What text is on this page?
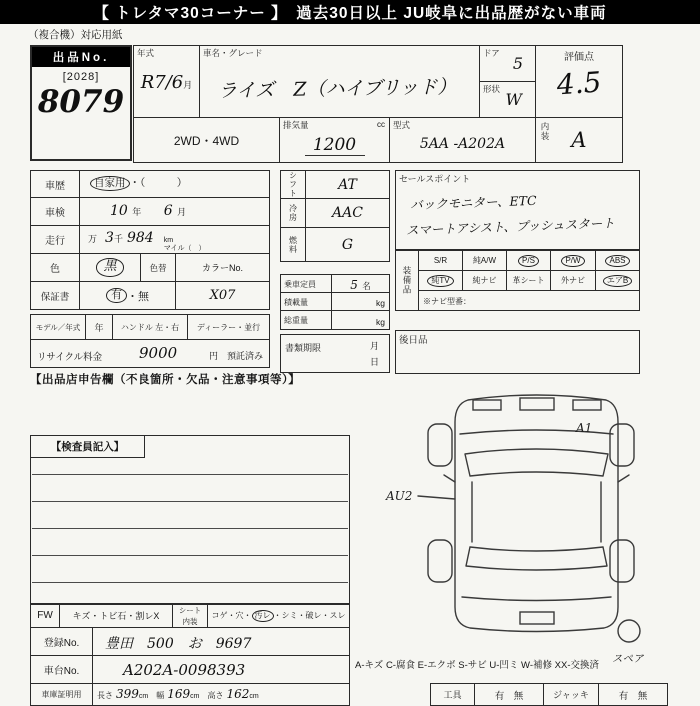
【 トレタマ30コーナー 】　過去30日以上 JU岐阜に出品歴がない車両
（複合機）対応用紙
出品No.
[2028]
8079
年式
R7/6月
車名・グレード
ライズ　Z（ハイブリッド）
ドア
5
形状
W
評価点
4.5
2WD・4WD
排気量	cc
1200
型式
5AA -A202A
内装	A
車歴	自家用 ・（　　　）
車検	10 年 6 月
走行	万 3 千 984 km
マイル（　）
色	黒	色替	カラーNo.
保証書	有 ・無	X07
シフト	AT
冷房 AAC
燃料	G
乗車定員	5 名
積載量	kg
総重量	kg
書類期限	月
日
セールスポイント
バックモニター、ETC
スマートアシスト、プッシュスタート
装備品
S/R	純A/W	P/S	P/W	ABS
純TV	純ナビ 革シート 外ナビ	エアB
※ナビ型番：
後日品
モデル／年式 年 ハンドル 左・右 ディーラー・並行
リサイクル料金 9000	円　預託済み
【出品店申告欄（不良箇所・欠品・注意事項等）】
【検査員記入】
A1
AU2
スペア
A-キズ C-腐食 E-エクボ S-サビ U-凹ミ W-補修 XX-交換済
FW キズ・トビ石・割レX
シート
内装
コゲ・穴・ 汚レ ・シミ・破レ・スレ
登録No. 豊田　500　お　9697
車台No.	A202A-0098393
車庫証明用 長さ 399 cm 幅 169 cm 高さ 162 cm	工具	有　無	ジャッキ	有　無
